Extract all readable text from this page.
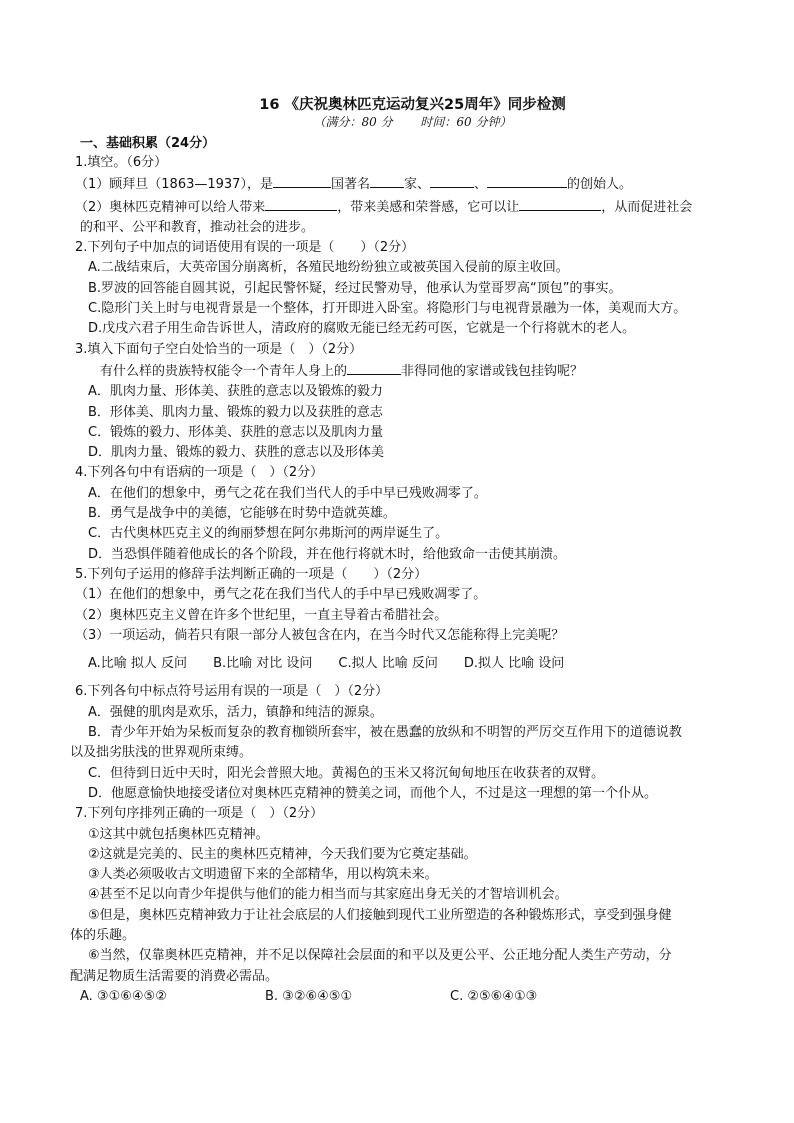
16 《庆祝奥林匹克运动复兴25周年》同步检测
（满分：80 分 时间：60 分钟）
一、基础积累（24分）
1.填空。（6分）
（1）顾拜旦（1863—1937），是	国著名	家、	、	的创始人。
（2）奥林匹克精神可以给人带来	，带来美感和荣誉感，它可以让	，从而促进社会
的和平、公平和教育，推动社会的进步。
2.下列句子中加点的词语使用有误的一项是（　　）（2分）
A.二战结束后，大英帝国分崩离析，各殖民地纷纷独立或被英国入侵前的原主收回。
B.罗波的回答能自圆其说，引起民警怀疑，经过民警劝导，他承认为堂哥罗高“顶包”的事实。
C.隐形门关上时与电视背景是一个整体，打开即进入卧室。将隐形门与电视背景融为一体，美观而大方。
D.戊戌六君子用生命告诉世人，清政府的腐败无能已经无药可医，它就是一个行将就木的老人。
3.填入下面句子空白处恰当的一项是（　）（2分）
有什么样的贵族特权能令一个青年人身上的	非得同他的家谱或钱包挂钩呢？
A．肌肉力量、形体美、获胜的意志以及锻炼的毅力
B．形体美、肌肉力量、锻炼的毅力以及获胜的意志
C．锻炼的毅力、形体美、获胜的意志以及肌肉力量
D．肌肉力量、锻炼的毅力、获胜的意志以及形体美
4.下列各句中有语病的一项是（　）（2分）
A．在他们的想象中，勇气之花在我们当代人的手中早已残败凋零了。
B．勇气是战争中的美德，它能够在时势中造就英雄。
C．古代奥林匹克主义的绚丽梦想在阿尔弗斯河的两岸诞生了。
D．当恐惧伴随着他成长的各个阶段，并在他行将就木时，给他致命一击使其崩溃。
5.下列句子运用的修辞手法判断正确的一项是（　　）（2分）
（1）在他们的想象中，勇气之花在我们当代人的手中早已残败凋零了。
（2）奥林匹克主义曾在许多个世纪里，一直主导着古希腊社会。
（3）一项运动，倘若只有限一部分人被包含在内，在当今时代又怎能称得上完美呢？
A.比喻 拟人 反问 B.比喻 对比 设问 C.拟人 比喻 反问 D.拟人 比喻 设问
6.下列各句中标点符号运用有误的一项是（　）（2分）
A．强健的肌肉是欢乐，活力，镇静和纯洁的源泉。
B．青少年开始为呆板而复杂的教育枷锁所套牢，被在愚蠢的放纵和不明智的严厉交互作用下的道德说教
以及拙劣肤浅的世界观所束缚。
C．但待到日近中天时，阳光会普照大地。黄褐色的玉米又将沉甸甸地压在收获者的双臂。
D．他愿意愉快地接受诸位对奥林匹克精神的赞美之词，而他个人，不过是这一理想的第一个仆从。
7.下列句序排列正确的一项是（　）（2分）
①这其中就包括奥林匹克精神。
②这就是完美的、民主的奥林匹克精神，今天我们要为它奠定基础。
③人类必须吸收古文明遗留下来的全部精华，用以构筑未来。
④甚至不足以向青少年提供与他们的能力相当而与其家庭出身无关的才智培训机会。
⑤但是，奥林匹克精神致力于让社会底层的人们接触到现代工业所塑造的各种锻炼形式，享受到强身健
体的乐趣。
⑥当然，仅靠奥林匹克精神，并不足以保障社会层面的和平以及更公平、公正地分配人类生产劳动，分
配满足物质生活需要的消费必需品。
A. ③①⑥④⑤②	B. ③②⑥④⑤①	C. ②⑤⑥④①③
